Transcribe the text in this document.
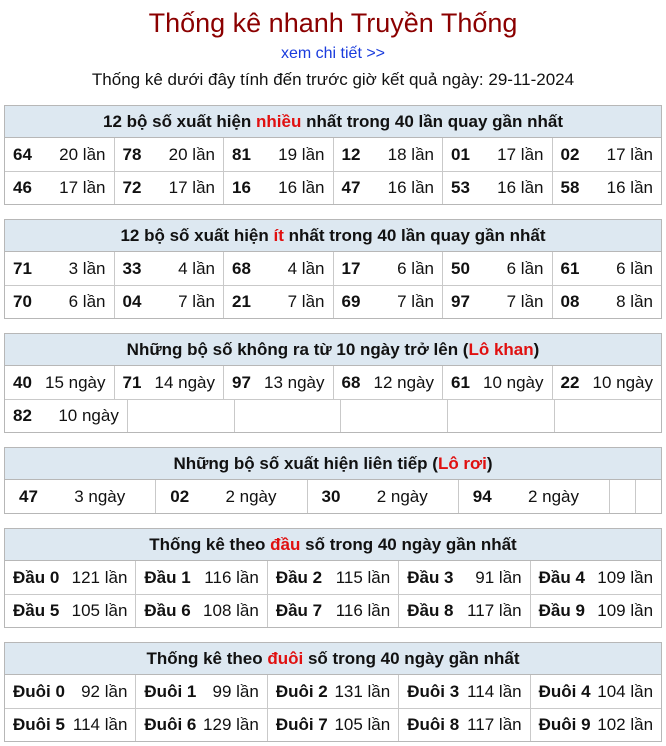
Thống kê nhanh Truyền Thống
xem chi tiết >>
Thống kê dưới đây tính đến trước giờ kết quả ngày: 29-11-2024
12 bộ số xuất hiện nhiều nhất trong 40 lần quay gần nhất
64 20 lần 78 20 lần 81 19 lần 12 18 lần 01 17 lần 02 17 lần
46 17 lần 72 17 lần 16 16 lần 47 16 lần 53 16 lần 58 16 lần
12 bộ số xuất hiện ít nhất trong 40 lần quay gần nhất
71 3 lần 33 4 lần 68 4 lần 17 6 lần 50 6 lần 61 6 lần
70 6 lần 04 7 lần 21 7 lần 69 7 lần 97 7 lần 08 8 lần
Những bộ số không ra từ 10 ngày trở lên (Lô khan)
40 15 ngày 71 14 ngày 97 13 ngày 68 12 ngày 61 10 ngày 22 10 ngày
82 10 ngày
Những bộ số xuất hiện liên tiếp (Lô rơi)
47 3 ngày	02 2 ngày	30 2 ngày	94 2 ngày
Thống kê theo đầu số trong 40 ngày gần nhất
Đầu 0 121 lần Đầu 1 116 lần Đầu 2 115 lần Đầu 3 91 lần Đầu 4 109 lần
Đầu 5 105 lần Đầu 6 108 lần Đầu 7 116 lần Đầu 8 117 lần Đầu 9 109 lần
Thống kê theo đuôi số trong 40 ngày gần nhất
Đuôi 0 92 lần Đuôi 1 99 lần Đuôi 2 131 lần Đuôi 3 114 lần Đuôi 4 104 lần
Đuôi 5 114 lần Đuôi 6 129 lần Đuôi 7 105 lần Đuôi 8 117 lần Đuôi 9 102 lần
